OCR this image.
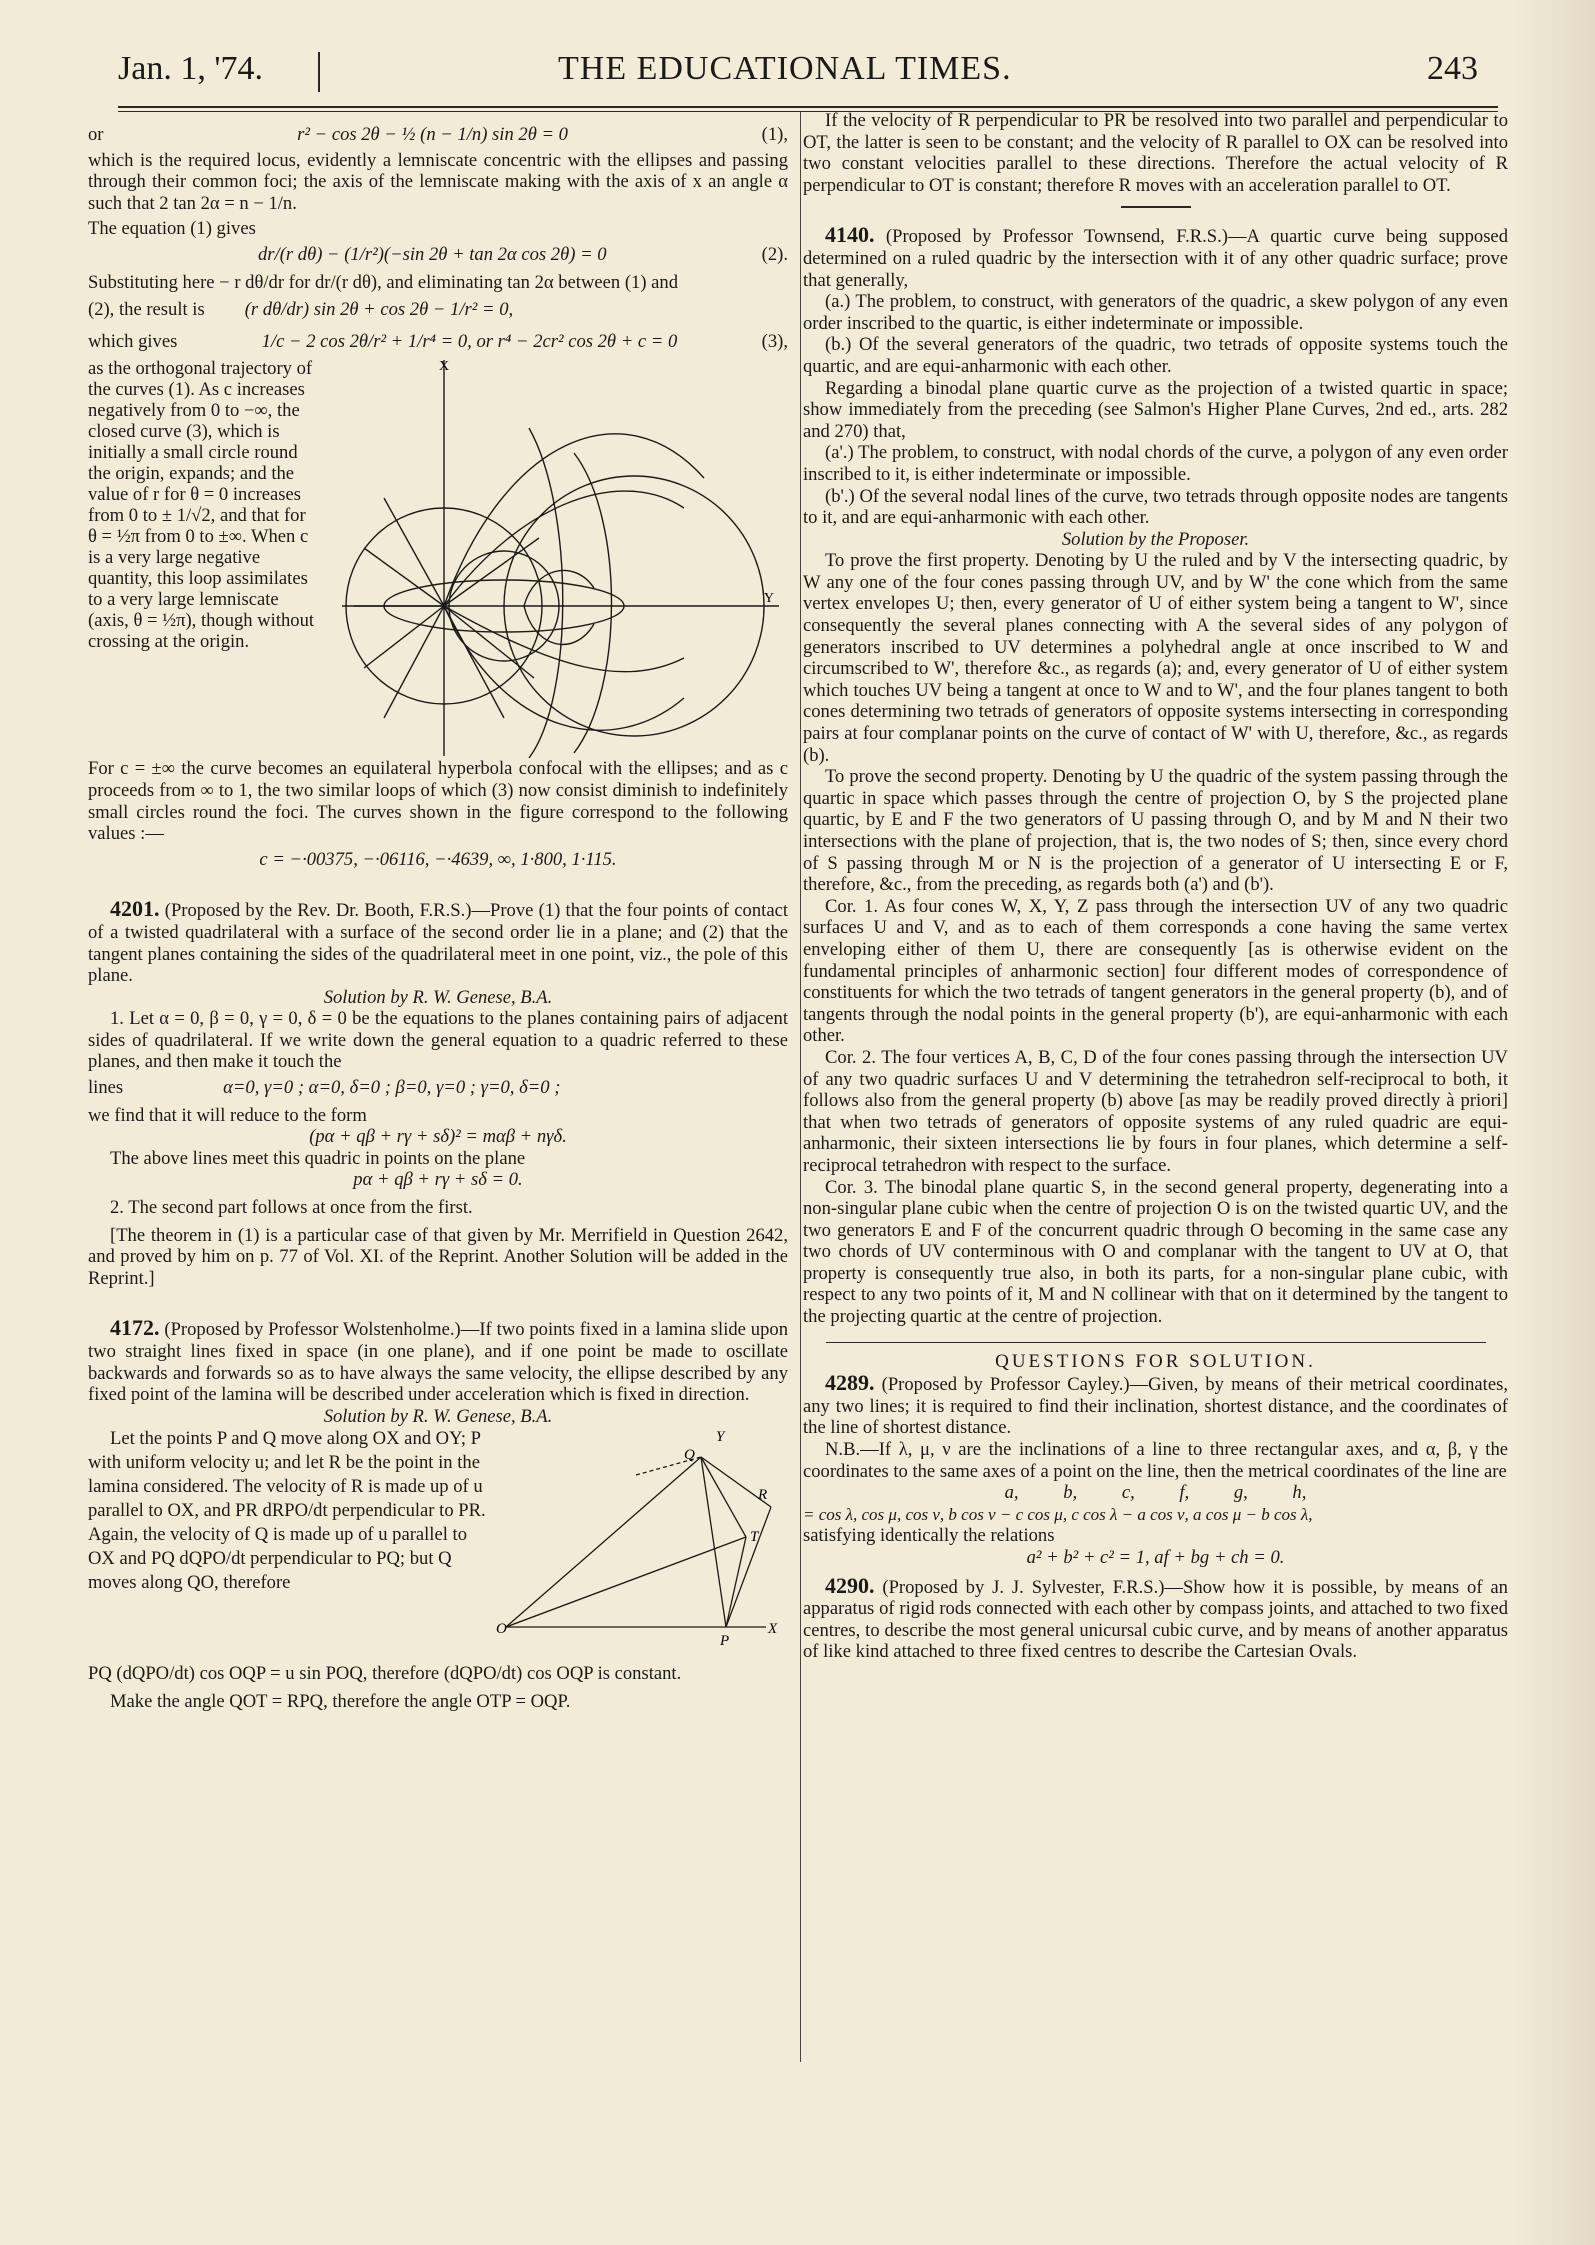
Jan. 1, '74.	THE EDUCATIONAL TIMES.	243
or	r² − cos 2θ − ½ (n − 1/n) sin 2θ = 0	(1),

which is the required locus, evidently a lemniscate concentric with the ellipses and passing through their common foci; the axis of the lemniscate making with the axis of x an angle α such that 2 tan 2α = n − 1/n.

The equation (1) gives

dr/(r dθ) − (1/r²)(−sin 2θ + tan 2α cos 2θ) = 0	(2).

Substituting here − r dθ/dr for dr/(r dθ), and eliminating tan 2α between (1) and

(2), the result is (r dθ/dr) sin 2θ + cos 2θ − 1/r² = 0,
which gives	1/c − 2 cos 2θ/r² + 1/r⁴ = 0, or r⁴ − 2cr² cos 2θ + c = 0	(3),

as the orthogonal trajectory of the curves (1). As c increases negatively from 0 to −∞, the closed curve (3), which is initially a small circle round the origin, expands; and the value of r for θ = 0 increases from 0 to ± 1/√2, and that for θ = ½π from 0 to ±∞. When c is a very large negative quantity, this loop assimilates to a very large lemniscate (axis, θ = ½π), though without crossing at the origin.

X
Y

For c = ±∞ the curve becomes an equilateral hyperbola confocal with the ellipses; and as c proceeds from ∞ to 1, the two similar loops of which (3) now consist diminish to indefinitely small circles round the foci. The curves shown in the figure correspond to the following values :—

c = −·00375, −·06116, −·4639, ∞, 1·800, 1·115.

4201. (Proposed by the Rev. Dr. Booth, F.R.S.)—Prove (1) that the four points of contact of a twisted quadrilateral with a surface of the second order lie in a plane; and (2) that the tangent planes containing the sides of the quadrilateral meet in one point, viz., the pole of this plane.

Solution by R. W. Genese, B.A.

1. Let α = 0, β = 0, γ = 0, δ = 0 be the equations to the planes containing pairs of adjacent sides of quadrilateral. If we write down the general equation to a quadric referred to these planes, and then make it touch the

lines	α=0, γ=0 ; α=0, δ=0 ; β=0, γ=0 ; γ=0, δ=0 ;

we find that it will reduce to the form

(pα + qβ + rγ + sδ)² = mαβ + nγδ.

The above lines meet this quadric in points on the plane

pα + qβ + rγ + sδ = 0.

2. The second part follows at once from the first.

[The theorem in (1) is a particular case of that given by Mr. Merrifield in Question 2642, and proved by him on p. 77 of Vol. XI. of the Reprint. Another Solution will be added in the Reprint.]

4172. (Proposed by Professor Wolstenholme.)—If two points fixed in a lamina slide upon two straight lines fixed in space (in one plane), and if one point be made to oscillate backwards and forwards so as to have always the same velocity, the ellipse described by any fixed point of the lamina will be described under acceleration which is fixed in direction.

Solution by R. W. Genese, B.A.

Let the points P and Q move along OX and OY; P with uniform velocity u; and let R be the point in the lamina considered. The velocity of R is made up of u parallel to OX, and PR dRPO/dt perpendicular to PR. Again, the velocity of Q is made up of u parallel to OX and PQ dQPO/dt perpendicular to PQ; but Q moves along QO, therefore

Y
Q
R
T
O
P
X

PQ (dQPO/dt) cos OQP = u sin POQ, therefore (dQPO/dt) cos OQP is constant.

Make the angle QOT = RPQ, therefore the angle OTP = OQP.

If the velocity of R perpendicular to PR be resolved into two parallel and perpendicular to OT, the latter is seen to be constant; and the velocity of R parallel to OX can be resolved into two constant velocities parallel to these directions. Therefore the actual velocity of R perpendicular to OT is constant; therefore R moves with an acceleration parallel to OT.

4140. (Proposed by Professor Townsend, F.R.S.)—A quartic curve being supposed determined on a ruled quadric by the intersection with it of any other quadric surface; prove that generally,

(a.) The problem, to construct, with generators of the quadric, a skew polygon of any even order inscribed to the quartic, is either indeterminate or impossible.

(b.) Of the several generators of the quadric, two tetrads of opposite systems touch the quartic, and are equi-anharmonic with each other.

Regarding a binodal plane quartic curve as the projection of a twisted quartic in space; show immediately from the preceding (see Salmon's Higher Plane Curves, 2nd ed., arts. 282 and 270) that,

(a'.) The problem, to construct, with nodal chords of the curve, a polygon of any even order inscribed to it, is either indeterminate or impossible.

(b'.) Of the several nodal lines of the curve, two tetrads through opposite nodes are tangents to it, and are equi-anharmonic with each other.

Solution by the Proposer.

To prove the first property. Denoting by U the ruled and by V the intersecting quadric, by W any one of the four cones passing through UV, and by W' the cone which from the same vertex envelopes U; then, every generator of U of either system being a tangent to W', since consequently the several planes connecting with A the several sides of any polygon of generators inscribed to UV determines a polyhedral angle at once inscribed to W and circumscribed to W', therefore &c., as regards (a); and, every generator of U of either system which touches UV being a tangent at once to W and to W', and the four planes tangent to both cones determining two tetrads of generators of opposite systems intersecting in corresponding pairs at four complanar points on the curve of contact of W' with U, therefore, &c., as regards (b).

To prove the second property. Denoting by U the quadric of the system passing through the quartic in space which passes through the centre of projection O, by S the projected plane quartic, by E and F the two generators of U passing through O, and by M and N their two intersections with the plane of projection, that is, the two nodes of S; then, since every chord of S passing through M or N is the projection of a generator of U intersecting E or F, therefore, &c., from the preceding, as regards both (a') and (b').

Cor. 1. As four cones W, X, Y, Z pass through the intersection UV of any two quadric surfaces U and V, and as to each of them corresponds a cone having the same vertex enveloping either of them U, there are consequently [as is otherwise evident on the fundamental principles of anharmonic section] four different modes of correspondence of constituents for which the two tetrads of tangent generators in the general property (b), and of tangents through the nodal points in the general property (b'), are equi-anharmonic with each other.

Cor. 2. The four vertices A, B, C, D of the four cones passing through the intersection UV of any two quadric surfaces U and V determining the tetrahedron self-reciprocal to both, it follows also from the general property (b) above [as may be readily proved directly à priori] that when two tetrads of generators of opposite systems of any ruled quadric are equi-anharmonic, their sixteen intersections lie by fours in four planes, which determine a self-reciprocal tetrahedron with respect to the surface.

Cor. 3. The binodal plane quartic S, in the second general property, degenerating into a non-singular plane cubic when the centre of projection O is on the twisted quartic UV, and the two generators E and F of the concurrent quadric through O becoming in the same case any two chords of UV conterminous with O and complanar with the tangent to UV at O, that property is consequently true also, in both its parts, for a non-singular plane cubic, with respect to any two points of it, M and N collinear with that on it determined by the tangent to the projecting quartic at the centre of projection.

QUESTIONS FOR SOLUTION.

4289. (Proposed by Professor Cayley.)—Given, by means of their metrical coordinates, any two lines; it is required to find their inclination, shortest distance, and the coordinates of the line of shortest distance.

N.B.—If λ, μ, ν are the inclinations of a line to three rectangular axes, and α, β, γ the coordinates to the same axes of a point on the line, then the metrical coordinates of the line are

a, b, c, f, g, h,

= cos λ, cos μ, cos ν, b cos ν − c cos μ, c cos λ − a cos ν, a cos μ − b cos λ,

satisfying identically the relations

a² + b² + c² = 1, af + bg + ch = 0.

4290. (Proposed by J. J. Sylvester, F.R.S.)—Show how it is possible, by means of an apparatus of rigid rods connected with each other by compass joints, and attached to two fixed centres, to describe the most general unicursal cubic curve, and by means of another apparatus of like kind attached to three fixed centres to describe the Cartesian Ovals.
